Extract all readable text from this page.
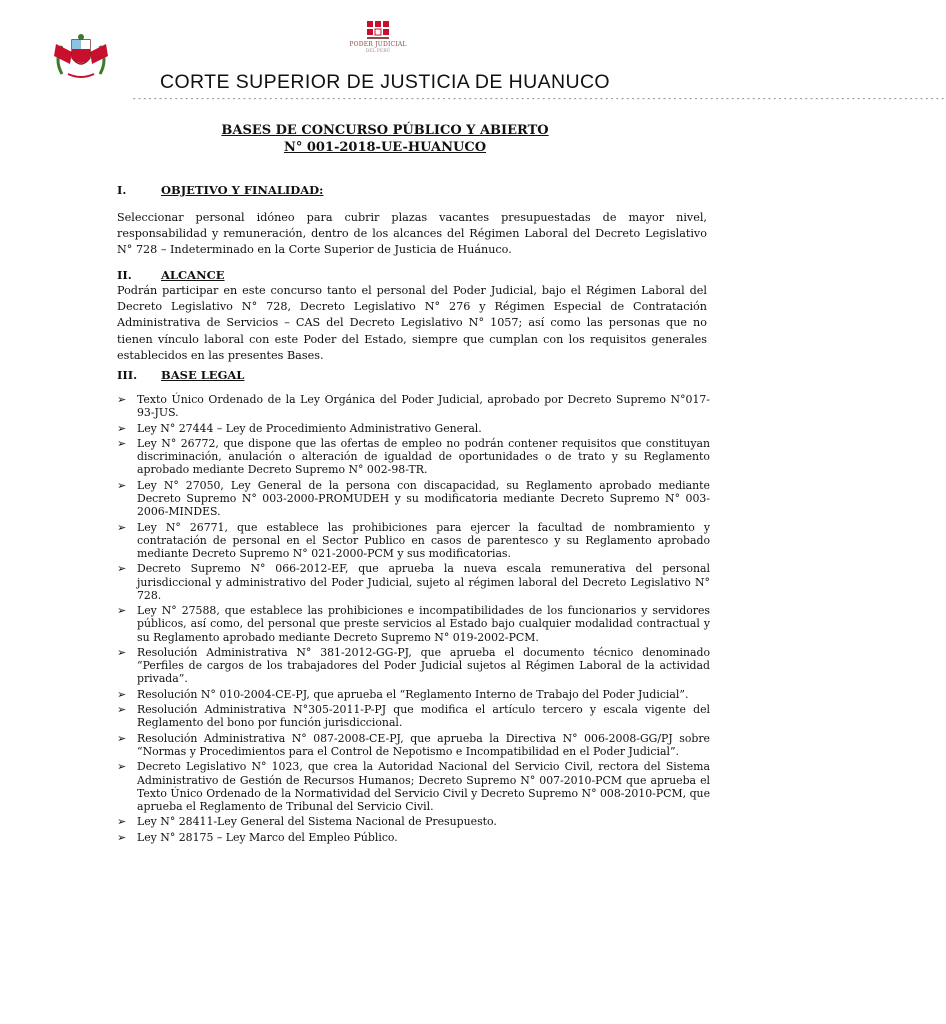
PODER JUDICIAL
DEL PERÚ
CORTE SUPERIOR DE JUSTICIA DE HUANUCO
-----------------------------------------------------------------------------------------------------------------------------------------------------------
BASES DE CONCURSO PÚBLICO Y ABIERTO
N° 001-2018-UE-HUANUCO
I.	OBJETIVO Y FINALIDAD:
Seleccionar personal idóneo para cubrir plazas vacantes presupuestadas de mayor nivel, responsabilidad y remuneración, dentro de los alcances del Régimen Laboral del Decreto Legislativo N° 728 – Indeterminado en la Corte Superior de Justicia de Huánuco.
II.	ALCANCE
Podrán participar en este concurso tanto el personal del Poder Judicial, bajo el Régimen Laboral del Decreto Legislativo N° 728, Decreto Legislativo N° 276 y Régimen Especial de Contratación Administrativa de Servicios – CAS del Decreto Legislativo N° 1057; así como las personas que no tienen vínculo laboral con este Poder del Estado, siempre que cumplan con los requisitos generales establecidos en las presentes Bases.
III. BASE LEGAL
➢ Texto Único Ordenado de la Ley Orgánica del Poder Judicial, aprobado por Decreto Supremo N°017-93-JUS.
➢ Ley N° 27444 – Ley de Procedimiento Administrativo General.
➢ Ley N° 26772, que dispone que las ofertas de empleo no podrán contener requisitos que constituyan discriminación, anulación o alteración de igualdad de oportunidades o de trato y su Reglamento aprobado mediante Decreto Supremo N° 002-98-TR.
➢ Ley N° 27050, Ley General de la persona con discapacidad, su Reglamento aprobado mediante Decreto Supremo N° 003-2000-PROMUDEH y su modificatoria mediante Decreto Supremo N° 003-2006-MINDES.
➢ Ley N° 26771, que establece las prohibiciones para ejercer la facultad de nombramiento y contratación de personal en el Sector Publico en casos de parentesco y su Reglamento aprobado mediante Decreto Supremo N° 021-2000-PCM y sus modificatorias.
➢ Decreto Supremo N° 066-2012-EF, que aprueba la nueva escala remunerativa del personal jurisdiccional y administrativo del Poder Judicial, sujeto al régimen laboral del Decreto Legislativo N° 728.
➢ Ley N° 27588, que establece las prohibiciones e incompatibilidades de los funcionarios y servidores públicos, así como, del personal que preste servicios al Estado bajo cualquier modalidad contractual y su Reglamento aprobado mediante Decreto Supremo N° 019-2002-PCM.
➢ Resolución Administrativa N° 381-2012-GG-PJ, que aprueba el documento técnico denominado “Perfiles de cargos de los trabajadores del Poder Judicial sujetos al Régimen Laboral de la actividad privada”.
➢ Resolución N° 010-2004-CE-PJ, que aprueba el “Reglamento Interno de Trabajo del Poder Judicial”.
➢ Resolución Administrativa N°305-2011-P-PJ que modifica el artículo tercero y escala vigente del Reglamento del bono por función jurisdiccional.
➢ Resolución Administrativa N° 087-2008-CE-PJ, que aprueba la Directiva N° 006-2008-GG/PJ sobre “Normas y Procedimientos para el Control de Nepotismo e Incompatibilidad en el Poder Judicial”.
➢ Decreto Legislativo N° 1023, que crea la Autoridad Nacional del Servicio Civil, rectora del Sistema Administrativo de Gestión de Recursos Humanos; Decreto Supremo N° 007-2010-PCM que aprueba el Texto Único Ordenado de la Normatividad del Servicio Civil y Decreto Supremo N° 008-2010-PCM, que aprueba el Reglamento de Tribunal del Servicio Civil.
➢ Ley N° 28411-Ley General del Sistema Nacional de Presupuesto.
➢ Ley N° 28175 – Ley Marco del Empleo Público.
